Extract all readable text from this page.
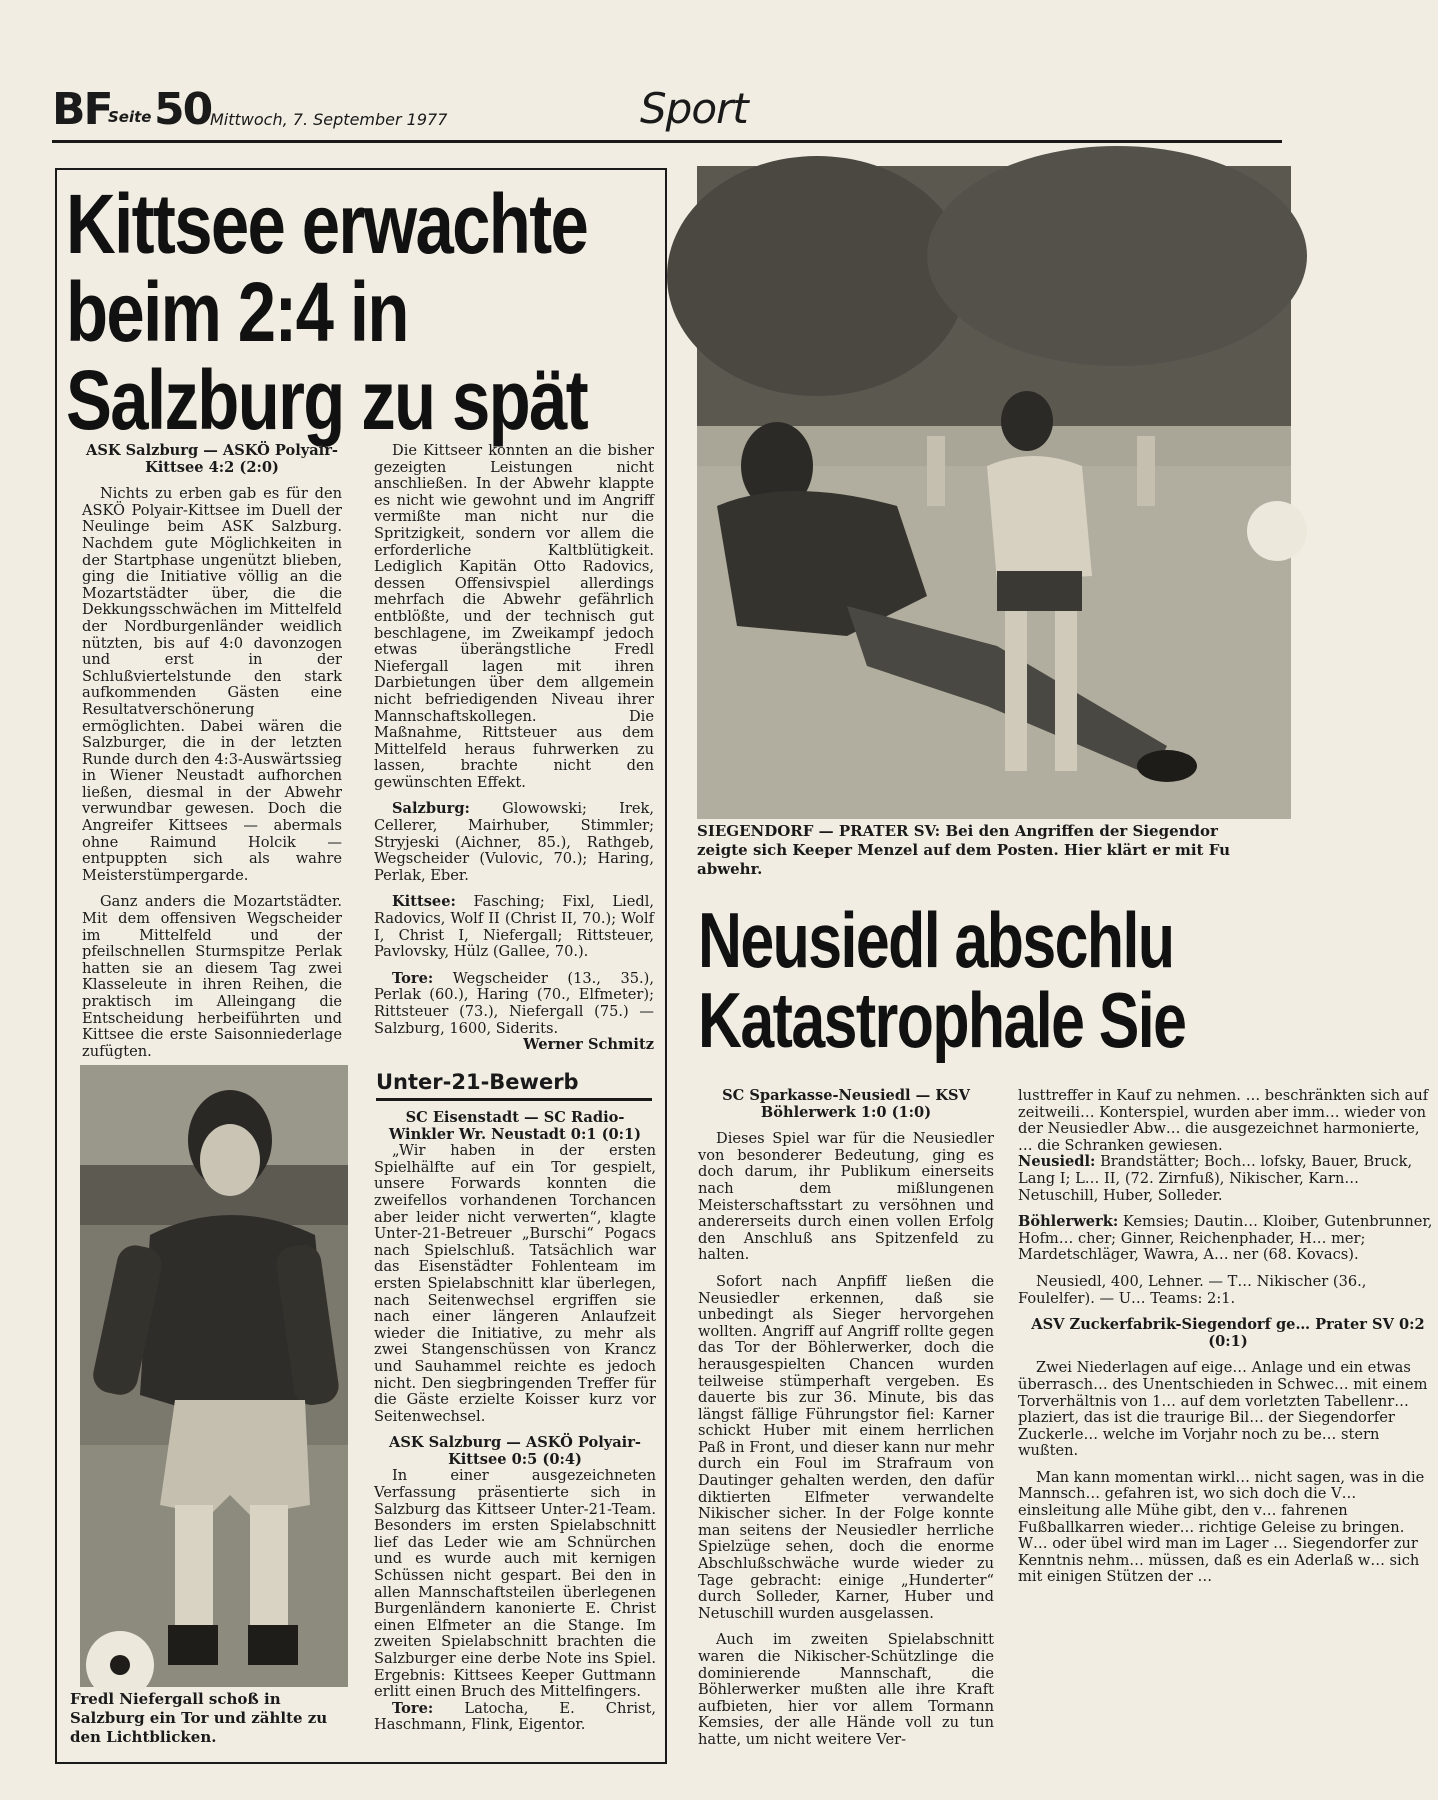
BF
Seite 50
Mittwoch, 7. September 1977	Sport
Kittsee erwachte
beim 2:4 in
Salzburg zu spät

ASK Salzburg — ASKÖ Polyair-Kittsee 4:2 (2:0)

Nichts zu erben gab es für den ASKÖ Polyair-Kittsee im Duell der Neulinge beim ASK Salzburg. Nachdem gute Möglichkeiten in der Startphase ungenützt blieben, ging die Initiative völlig an die Mozartstädter über, die die Dekkungsschwächen im Mittelfeld der Nordburgenländer weidlich nützten, bis auf 4:0 davonzogen und erst in der Schlußviertelstunde den stark aufkommenden Gästen eine Resultatverschönerung ermöglichten. Dabei wären die Salzburger, die in der letzten Runde durch den 4:3-Auswärtssieg in Wiener Neustadt aufhorchen ließen, diesmal in der Abwehr verwundbar gewesen. Doch die Angreifer Kittsees — abermals ohne Raimund Holcik — entpuppten sich als wahre Meisterstümpergarde.

Ganz anders die Mozartstädter. Mit dem offensiven Wegscheider im Mittelfeld und der pfeilschnellen Sturmspitze Perlak hatten sie an diesem Tag zwei Klasseleute in ihren Reihen, die praktisch im Alleingang die Entscheidung herbeiführten und Kittsee die erste Saisonniederlage zufügten.

Die Kittseer konnten an die bisher gezeigten Leistungen nicht anschließen. In der Abwehr klappte es nicht wie gewohnt und im Angriff vermißte man nicht nur die Spritzigkeit, sondern vor allem die erforderliche Kaltblütigkeit. Lediglich Kapitän Otto Radovics, dessen Offensivspiel allerdings mehrfach die Abwehr gefährlich entblößte, und der technisch gut beschlagene, im Zweikampf jedoch etwas überängstliche Fredl Niefergall lagen mit ihren Darbietungen über dem allgemein nicht befriedigenden Niveau ihrer Mannschaftskollegen. Die Maßnahme, Rittsteuer aus dem Mittelfeld heraus fuhrwerken zu lassen, brachte nicht den gewünschten Effekt.

Salzburg: Glowowski; Irek, Cellerer, Mairhuber, Stimmler; Stryjeski (Aichner, 85.), Rathgeb, Wegscheider (Vulovic, 70.); Haring, Perlak, Eber.

Kittsee: Fasching; Fixl, Liedl, Radovics, Wolf II (Christ II, 70.); Wolf I, Christ I, Niefergall; Rittsteuer, Pavlovsky, Hülz (Gallee, 70.).

Tore: Wegscheider (13., 35.), Perlak (60.), Haring (70., Elfmeter); Rittsteuer (73.), Niefergall (75.) — Salzburg, 1600, Siderits.

Werner Schmitz

Fredl Niefergall schoß in Salzburg ein Tor und zählte zu den Lichtblicken.
Unter-21-Bewerb

SC Eisenstadt — SC Radio-Winkler Wr. Neustadt 0:1 (0:1)

„Wir haben in der ersten Spielhälfte auf ein Tor gespielt, unsere Forwards konnten die zweifellos vorhandenen Torchancen aber leider nicht verwerten“, klagte Unter-21-Betreuer „Burschi“ Pogacs nach Spielschluß. Tatsächlich war das Eisenstädter Fohlenteam im ersten Spielabschnitt klar überlegen, nach Seitenwechsel ergriffen sie nach einer längeren Anlaufzeit wieder die Initiative, zu mehr als zwei Stangenschüssen von Krancz und Sauhammel reichte es jedoch nicht. Den siegbringenden Treffer für die Gäste erzielte Koisser kurz vor Seitenwechsel.

ASK Salzburg — ASKÖ Polyair-Kittsee 0:5 (0:4)

In einer ausgezeichneten Verfassung präsentierte sich in Salzburg das Kittseer Unter-21-Team. Besonders im ersten Spielabschnitt lief das Leder wie am Schnürchen und es wurde auch mit kernigen Schüssen nicht gespart. Bei den in allen Mannschaftsteilen überlegenen Burgenländern kanonierte E. Christ einen Elfmeter an die Stange. Im zweiten Spielabschnitt brachten die Salzburger eine derbe Note ins Spiel. Ergebnis: Kittsees Keeper Guttmann erlitt einen Bruch des Mittelfingers.

Tore: Latocha, E. Christ, Haschmann, Flink, Eigentor.

SIEGENDORF — PRATER SV: Bei den Angriffen der Siegendor
zeigte sich Keeper Menzel auf dem Posten. Hier klärt er mit Fu
abwehr.
Neusiedl abschlu
Katastrophale Sie

SC Sparkasse-Neusiedl — KSV Böhlerwerk 1:0 (1:0)

Dieses Spiel war für die Neusiedler von besonderer Bedeutung, ging es doch darum, ihr Publikum einerseits nach dem mißlungenen Meisterschaftsstart zu versöhnen und andererseits durch einen vollen Erfolg den Anschluß ans Spitzenfeld zu halten.

Sofort nach Anpfiff ließen die Neusiedler erkennen, daß sie unbedingt als Sieger hervorgehen wollten. Angriff auf Angriff rollte gegen das Tor der Böhlerwerker, doch die herausgespielten Chancen wurden teilweise stümperhaft vergeben. Es dauerte bis zur 36. Minute, bis das längst fällige Führungstor fiel: Karner schickt Huber mit einem herrlichen Paß in Front, und dieser kann nur mehr durch ein Foul im Strafraum von Dautinger gehalten werden, den dafür diktierten Elfmeter verwandelte Nikischer sicher. In der Folge konnte man seitens der Neusiedler herrliche Spielzüge sehen, doch die enorme Abschlußschwäche wurde wieder zu Tage gebracht: einige „Hunderter“ durch Solleder, Karner, Huber und Netuschill wurden ausgelassen.

Auch im zweiten Spielabschnitt waren die Nikischer-Schützlinge die dominierende Mannschaft, die Böhlerwerker mußten alle ihre Kraft aufbieten, hier vor allem Tormann Kemsies, der alle Hände voll zu tun hatte, um nicht weitere Ver-

lusttreffer in Kauf zu nehmen. … beschränkten sich auf zeitweili… Konterspiel, wurden aber imm… wieder von der Neusiedler Abw… die ausgezeichnet harmonierte, … die Schranken gewiesen.

Neusiedl: Brandstätter; Boch… lofsky, Bauer, Bruck, Lang I; L… II, (72. Zirnfuß), Nikischer, Karn… Netuschill, Huber, Solleder.

Böhlerwerk: Kemsies; Dautin… Kloiber, Gutenbrunner, Hofm… cher; Ginner, Reichenphader, H… mer; Mardetschläger, Wawra, A… ner (68. Kovacs).

Neusiedl, 400, Lehner. — T… Nikischer (36., Foulelfer). — U… Teams: 2:1.

ASV Zuckerfabrik-Siegendorf ge… Prater SV 0:2 (0:1)

Zwei Niederlagen auf eige… Anlage und ein etwas überrasch… des Unentschieden in Schwec… mit einem Torverhältnis von 1… auf dem vorletzten Tabellenr… plaziert, das ist die traurige Bil… der Siegendorfer Zuckerle… welche im Vorjahr noch zu be… stern wußten.

Man kann momentan wirkl… nicht sagen, was in die Mannsch… gefahren ist, wo sich doch die V… einsleitung alle Mühe gibt, den v… fahrenen Fußballkarren wieder… richtige Geleise zu bringen. W… oder übel wird man im Lager … Siegendorfer zur Kenntnis nehm… müssen, daß es ein Aderlaß w… sich mit einigen Stützen der …
